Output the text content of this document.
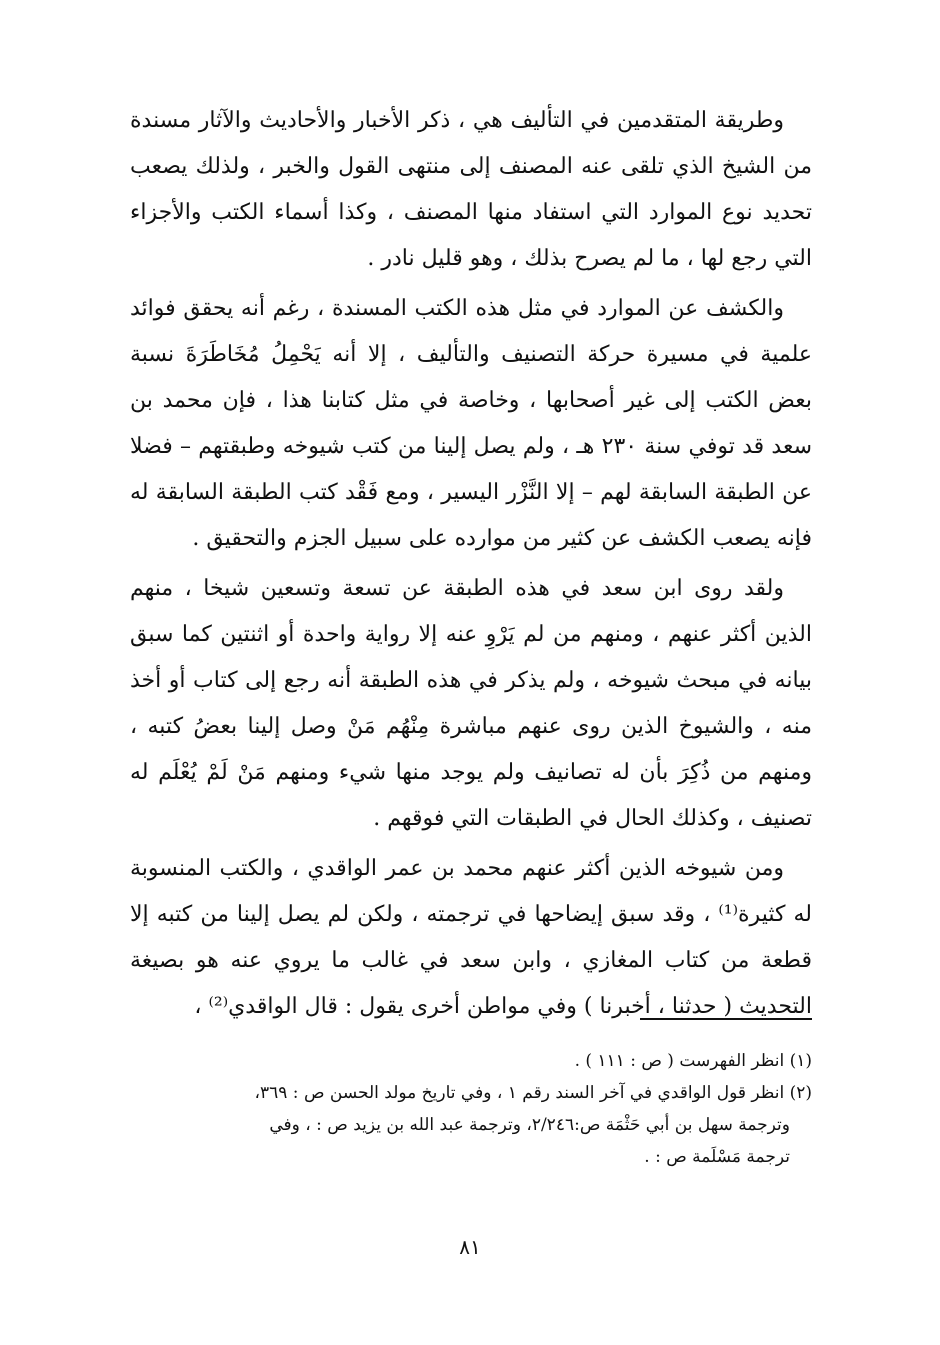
وطريقة المتقدمين في التأليف هي ، ذكر الأخبار والأحاديث والآثار مسندة من الشيخ الذي تلقى عنه المصنف إلى منتهى القول والخبر ، ولذلك يصعب تحديد نوع الموارد التي استفاد منها المصنف ، وكذا أسماء الكتب والأجزاء التي رجع لها ، ما لم يصرح بذلك ، وهو قليل نادر .

والكشف عن الموارد في مثل هذه الكتب المسندة ، رغم أنه يحقق فوائد علمية في مسيرة حركة التصنيف والتأليف ، إلا أنه يَحْمِلُ مُخَاطَرَةَ نسبة بعض الكتب إلى غير أصحابها ، وخاصة في مثل كتابنا هذا ، فإن محمد بن سعد قد توفي سنة ٢٣٠ هـ ، ولم يصل إلينا من كتب شيوخه وطبقتهم – فضلا عن الطبقة السابقة لهم – إلا النَّزْر اليسير ، ومع فَقْد كتب الطبقة السابقة له فإنه يصعب الكشف عن كثير من موارده على سبيل الجزم والتحقيق .

ولقد روى ابن سعد في هذه الطبقة عن تسعة وتسعين شيخا ، منهم الذين أكثر عنهم ، ومنهم من لم يَرْوِ عنه إلا رواية واحدة أو اثنتين كما سبق بيانه في مبحث شيوخه ، ولم يذكر في هذه الطبقة أنه رجع إلى كتاب أو أخذ منه ، والشيوخ الذين روى عنهم مباشرة مِنْهُم مَنْ وصل إلينا بعضُ كتبه ، ومنهم من ذُكِرَ بأن له تصانيف ولم يوجد منها شيء ومنهم مَنْ لَمْ يُعْلَم له تصنيف ، وكذلك الحال في الطبقات التي فوقهم .

ومن شيوخه الذين أكثر عنهم محمد بن عمر الواقدي ، والكتب المنسوبة له كثيرة⁽¹⁾ ، وقد سبق إيضاحها في ترجمته ، ولكن لم يصل إلينا من كتبه إلا قطعة من كتاب المغازي ، وابن سعد في غالب ما يروي عنه هو بصيغة التحديث ( حدثنا ، أخبرنا ) وفي مواطن أخرى يقول : قال الواقدي⁽²⁾ ،

(١) انظر الفهرست ( ص : ١١١ ) .

(٢) انظر قول الواقدي في آخر السند رقم ١ ، وفي تاريخ مولد الحسن ص : ٣٦٩،

وترجمة سهل بن أبي حَثْمَة ص:٢/٢٤٦، وترجمة عبد الله بن يزيد ص : ، وفي

ترجمة مَسْلَمة ص : .

٨١
